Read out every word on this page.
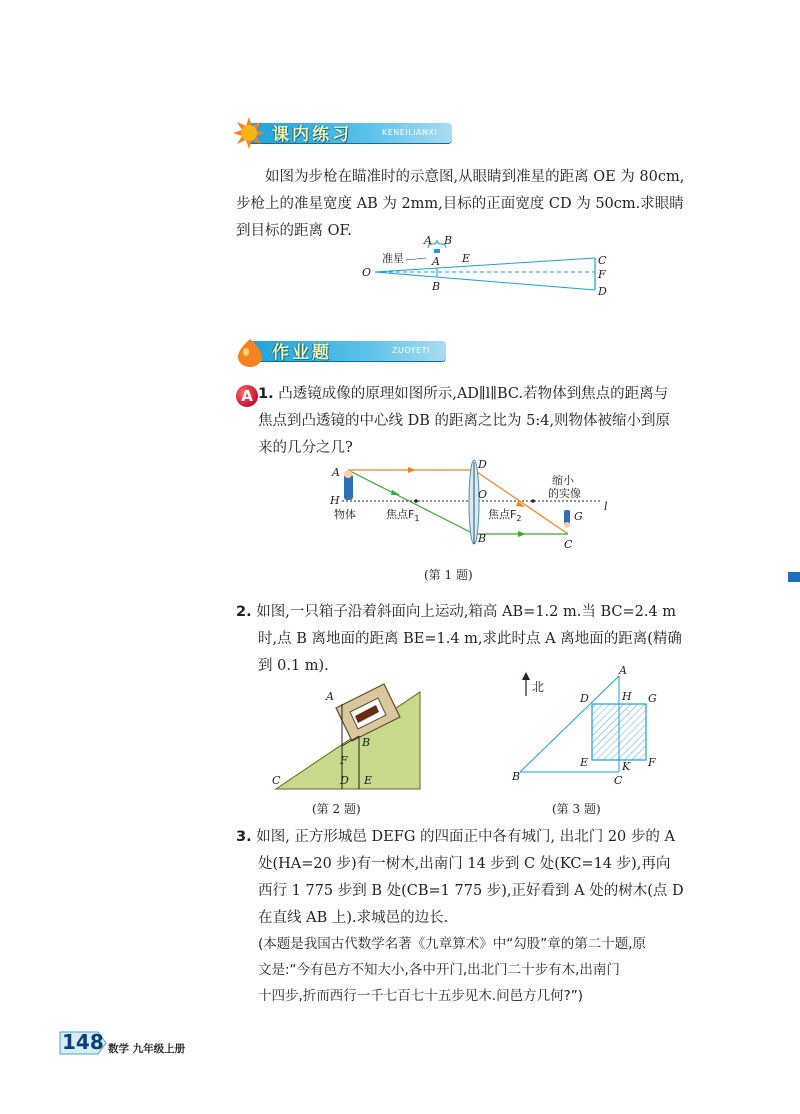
课内练习	KENEILIANXI
如图为步枪在瞄准时的示意图,从眼睛到准星的距离 OE 为 80cm,
步枪上的准星宽度 AB 为 2mm,目标的正面宽度 CD 为 50cm.求眼睛
到目标的距离 OF.
准星
A B
A E
O
B
C
F
D
作业题	ZUOYETI
A 1. 凸透镜成像的原理如图所示,AD∥l∥BC.若物体到焦点的距离与
焦点到凸透镜的中心线 DB 的距离之比为 5:4,则物体被缩小到原
来的几分之几?
A
D
H	O
l
G
B	C
物体	焦点$F_1$	焦点$F_2$
缩小
的实像
(第 1 题)
2. 如图,一只箱子沿着斜面向上运动,箱高 AB=1.2 m.当 BC=2.4 m
时,点 B 离地面的距离 BE=1.4 m,求此时点 A 离地面的距离(精确
到 0.1 m).
A
B
F
C	D E
(第 2 题)
北
A
D	H G
E	K F
B	C
(第 3 题)
3. 如图, 正方形城邑 DEFG 的四面正中各有城门, 出北门 20 步的 A
处(HA=20 步)有一树木,出南门 14 步到 C 处(KC=14 步),再向
西行 1 775 步到 B 处(CB=1 775 步),正好看到 A 处的树木(点 D
在直线 AB 上).求城邑的边长.
(本题是我国古代数学名著《九章算术》中“勾股”章的第二十题,原
文是:“今有邑方不知大小,各中开门,出北门二十步有木,出南门
十四步,折而西行一千七百七十五步见木.问邑方几何?”)
148 数学 九年级上册
